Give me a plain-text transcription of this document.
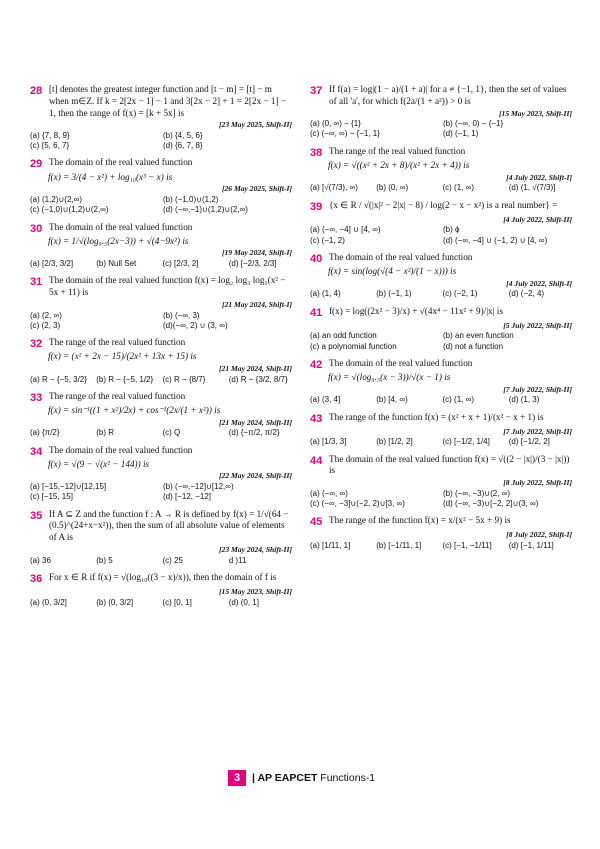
28 [t] denotes the greatest integer function and [t − m] = [t] − m when m∈Z. If k = 2[2x − 1] − 1 and 3[2x − 2] + 1 = 2[2x − 1] − 1, then the range of f(x) = [k + 5x] is
[23 May 2025, Shift-II]
(a) {7, 8, 9}	(b) {4, 5, 6}
(c) {5, 6, 7}	(d) {6, 7, 8}
29 The domain of the real valued function
f(x) = 3/(4 − x²) + log₁₀(x³ − x) is
[26 May 2025, Shift-I]
(a) (1,2)∪(2,∞)	(b) (−1,0)∪(1,2)
(c) (−1,0)∪(1,2)∪(2,∞)	(d) (−∞,−1)∪(1,2)∪(2,∞)
30 The domain of the real valued function
f(x) = 1/√(log₀.₅(2x−3)) + √(4−9x²) is
[19 May 2024, Shift-I]
(a) [2/3, 3/2]	(b) Null Set	(c) [2/3, 2]	(d) [−2/3, 2/3]
31 The domain of the real valued function f(x) = log₂ log₃ log₅(x² − 5x + 11) is
[21 May 2024, Shift-I]
(a) (2, ∞)	(b) (−∞, 3)
(c) (2, 3)	(d)(−∞, 2) ∪ (3, ∞)
32 The range of the real valued function
f(x) = (x² + 2x − 15)/(2x² + 13x + 15) is
[21 May 2024, Shift-II]
(a) R − {−5, 3/2}	(b) R − {−5, 1/2}	(c) R − {8/7}	(d) R − {3/2, 8/7}
33 The range of the real valued function
f(x) = sin⁻¹((1 + x²)/2x) + cos⁻¹(2x/(1 + x²)) is
[21 May 2024, Shift-II]
(a) {π/2}	(b) R	(c) Q	(d) {−π/2, π/2}
34 The domain of the real valued function
f(x) = √(9 − √(x² − 144)) is
[22 May 2024, Shift-II]
(a) [−15,−12]∪[12,15]	(b) (−∞,−12]∪[12,∞)
(c) [−15, 15]	(d) [−12, −12]
35 If A ⊆ Z and the function f : A → R is defined by f(x) = 1/√(64 − (0.5)^(24+x−x²)), then the sum of all absolute value of elements of A is
[23 May 2024, Shift-II]
(a) 36	(b) 5	(c) 25	d )11
36 For x ∈ R if f(x) = √(log₁₀((3 − x)/x)), then the domain of f is
[15 May 2023, Shift-II]
(a) (0, 3/2]	(b) (0, 3/2]	(c) [0, 1]	(d) (0, 1]
37 If f(a) = log|(1 − a)/(1 + a)| for a ≠ {−1, 1}, then the set of values of all 'a', for which f(2a/(1 + a²)) > 0 is
[15 May 2023, Shift-II]
(a) (0, ∞) − {1}	(b) (−∞, 0) − {−1}
(c) (−∞, ∞) − {−1, 1}	(d) (−1, 1)
38 The range of the real valued function
f(x) = √((x² + 2x + 8)/(x² + 2x + 4)) is
[4 July 2022, Shift-I]
(a) [√(7/3), ∞)	(b) (0, ∞)	(c) (1, ∞)	(d) (1, √(7/3)]
39 {x ∈ R / √(|x|² − 2|x| − 8) / log(2 − x − x²) is a real number} =
[4 July 2022, Shift-II]
(a) (−∞, −4] ∪ [4, ∞)	(b) ϕ
(c) (−1, 2)	(d) (−∞, −4] ∪ (−1, 2) ∪ [4, ∞)
40 The domain of the real valued function
f(x) = sin(log(√(4 − x²)/(1 − x))) is
[4 July 2022, Shift-I]
(a) (1, 4)	(b) (−1, 1)	(c) (−2, 1)	(d) (−2, 4)
41 f(x) = log((2x² − 3)/x) + √(4x⁴ − 11x² + 9)/|x| is
[5 July 2022, Shift-II]
(a) an odd function	(b) an even function
(c) a polynomial function	(d) not a function
42 The domain of the real valued function
f(x) = √(log₀.₅(x − 3))/√(x − 1) is
[7 July 2022, Shift-II]
(a) (3, 4]	(b) [4, ∞)	(c) (1, ∞)	(d) (1, 3)
43 The range of the function f(x) = (x² + x + 1)/(x² − x + 1) is
[7 July 2022, Shift-II]
(a) [1/3, 3]	(b) [1/2, 2]	(c) [−1/2, 1/4]	(d) [−1/2, 2]
44 The domain of the real valued function f(x) = √((2 − |x|)/(3 − |x|)) is
[8 July 2022, Shift-II]
(a) (−∞, ∞)	(b) (−∞, −3)∪(2, ∞)
(c) (−∞, −3]∪(−2, 2)∪[3, ∞)	(d) (−∞, −3)∪[−2, 2]∪(3, ∞)
45 The range of the function f(x) = x/(x² − 5x + 9) is
[8 July 2022, Shift-I]
(a) [1/11, 1]	(b) [−1/11, 1]	(c) [−1, −1/11]	(d) [−1, 1/11]
3	| AP EAPCET Functions-1
